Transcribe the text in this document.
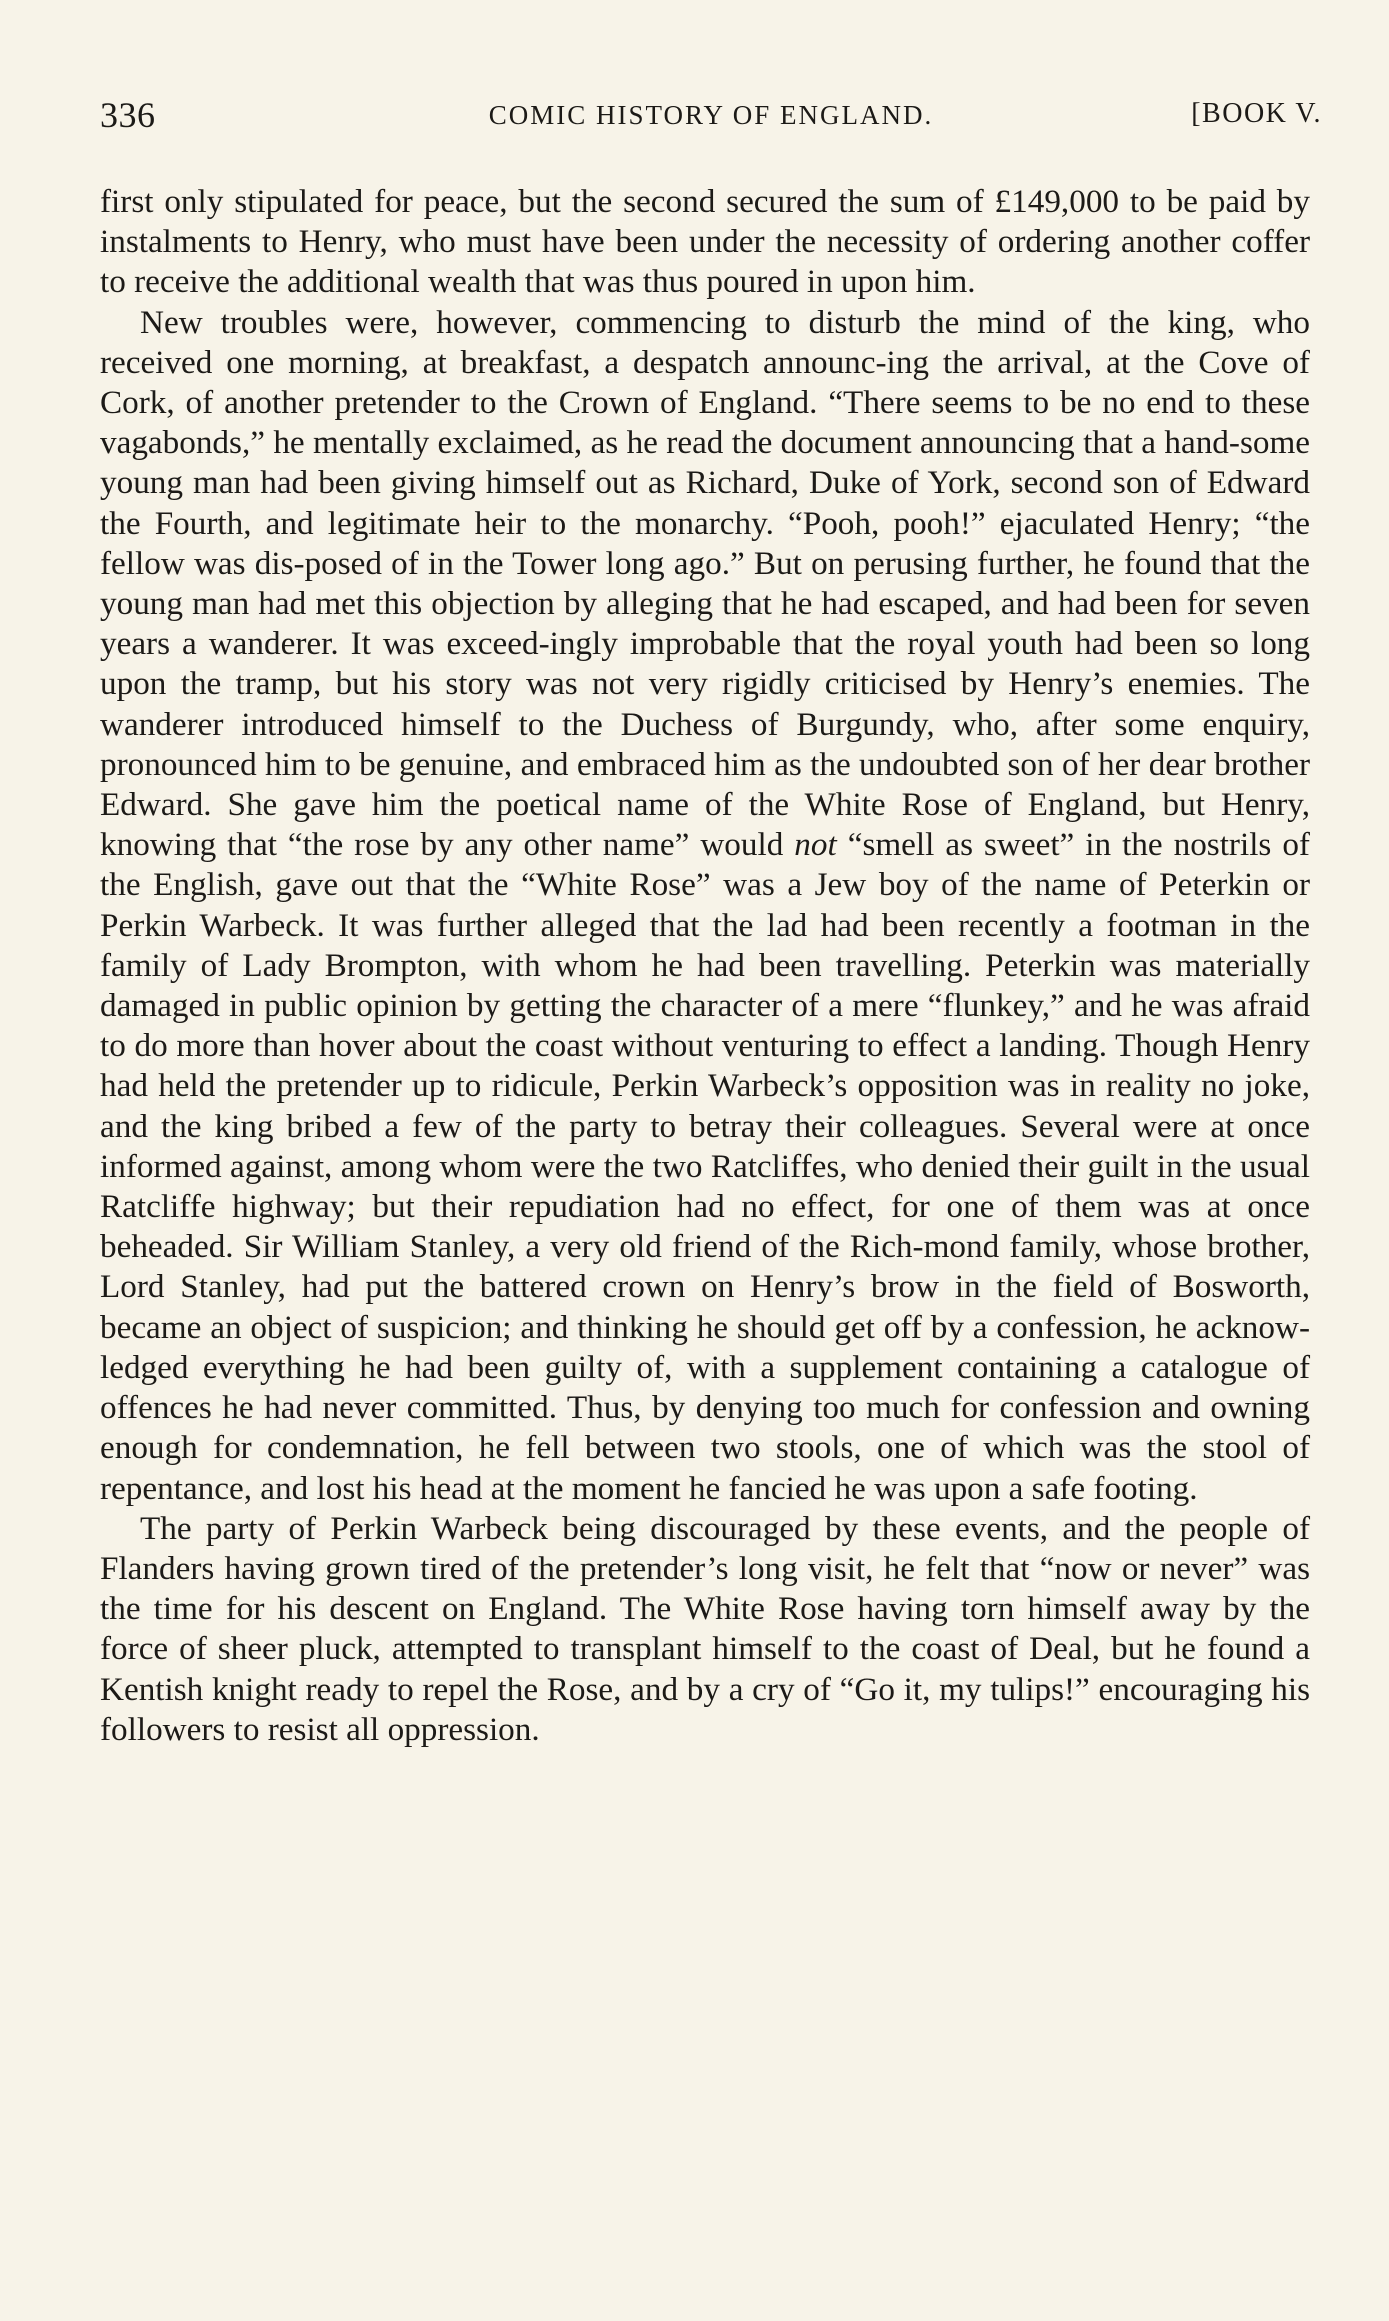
336	COMIC HISTORY OF ENGLAND.	[BOOK V.

first only stipulated for peace, but the second secured the sum of £149,000 to be paid by instalments to Henry, who must have been under the necessity of ordering another coffer to receive the additional wealth that was thus poured in upon him.

New troubles were, however, commencing to disturb the mind of the king, who received one morning, at breakfast, a despatch announc-ing the arrival, at the Cove of Cork, of another pretender to the Crown of England. “There seems to be no end to these vagabonds,” he mentally exclaimed, as he read the document announcing that a hand-some young man had been giving himself out as Richard, Duke of York, second son of Edward the Fourth, and legitimate heir to the monarchy. “Pooh, pooh!” ejaculated Henry; “the fellow was dis-posed of in the Tower long ago.” But on perusing further, he found that the young man had met this objection by alleging that he had escaped, and had been for seven years a wanderer. It was exceed-ingly improbable that the royal youth had been so long upon the tramp, but his story was not very rigidly criticised by Henry’s enemies. The wanderer introduced himself to the Duchess of Burgundy, who, after some enquiry, pronounced him to be genuine, and embraced him as the undoubted son of her dear brother Edward. She gave him the poetical name of the White Rose of England, but Henry, knowing that “the rose by any other name” would not “smell as sweet” in the nostrils of the English, gave out that the “White Rose” was a Jew boy of the name of Peterkin or Perkin Warbeck. It was further alleged that the lad had been recently a footman in the family of Lady Brompton, with whom he had been travelling. Peterkin was materially damaged in public opinion by getting the character of a mere “flunkey,” and he was afraid to do more than hover about the coast without venturing to effect a landing. Though Henry had held the pretender up to ridicule, Perkin Warbeck’s opposition was in reality no joke, and the king bribed a few of the party to betray their colleagues. Several were at once informed against, among whom were the two Ratcliffes, who denied their guilt in the usual Ratcliffe highway; but their repudiation had no effect, for one of them was at once beheaded. Sir William Stanley, a very old friend of the Rich-mond family, whose brother, Lord Stanley, had put the battered crown on Henry’s brow in the field of Bosworth, became an object of suspicion; and thinking he should get off by a confession, he acknow-ledged everything he had been guilty of, with a supplement containing a catalogue of offences he had never committed. Thus, by denying too much for confession and owning enough for condemnation, he fell between two stools, one of which was the stool of repentance, and lost his head at the moment he fancied he was upon a safe footing.

The party of Perkin Warbeck being discouraged by these events, and the people of Flanders having grown tired of the pretender’s long visit, he felt that “now or never” was the time for his descent on England. The White Rose having torn himself away by the force of sheer pluck, attempted to transplant himself to the coast of Deal, but he found a Kentish knight ready to repel the Rose, and by a cry of “Go it, my tulips!” encouraging his followers to resist all oppression.
